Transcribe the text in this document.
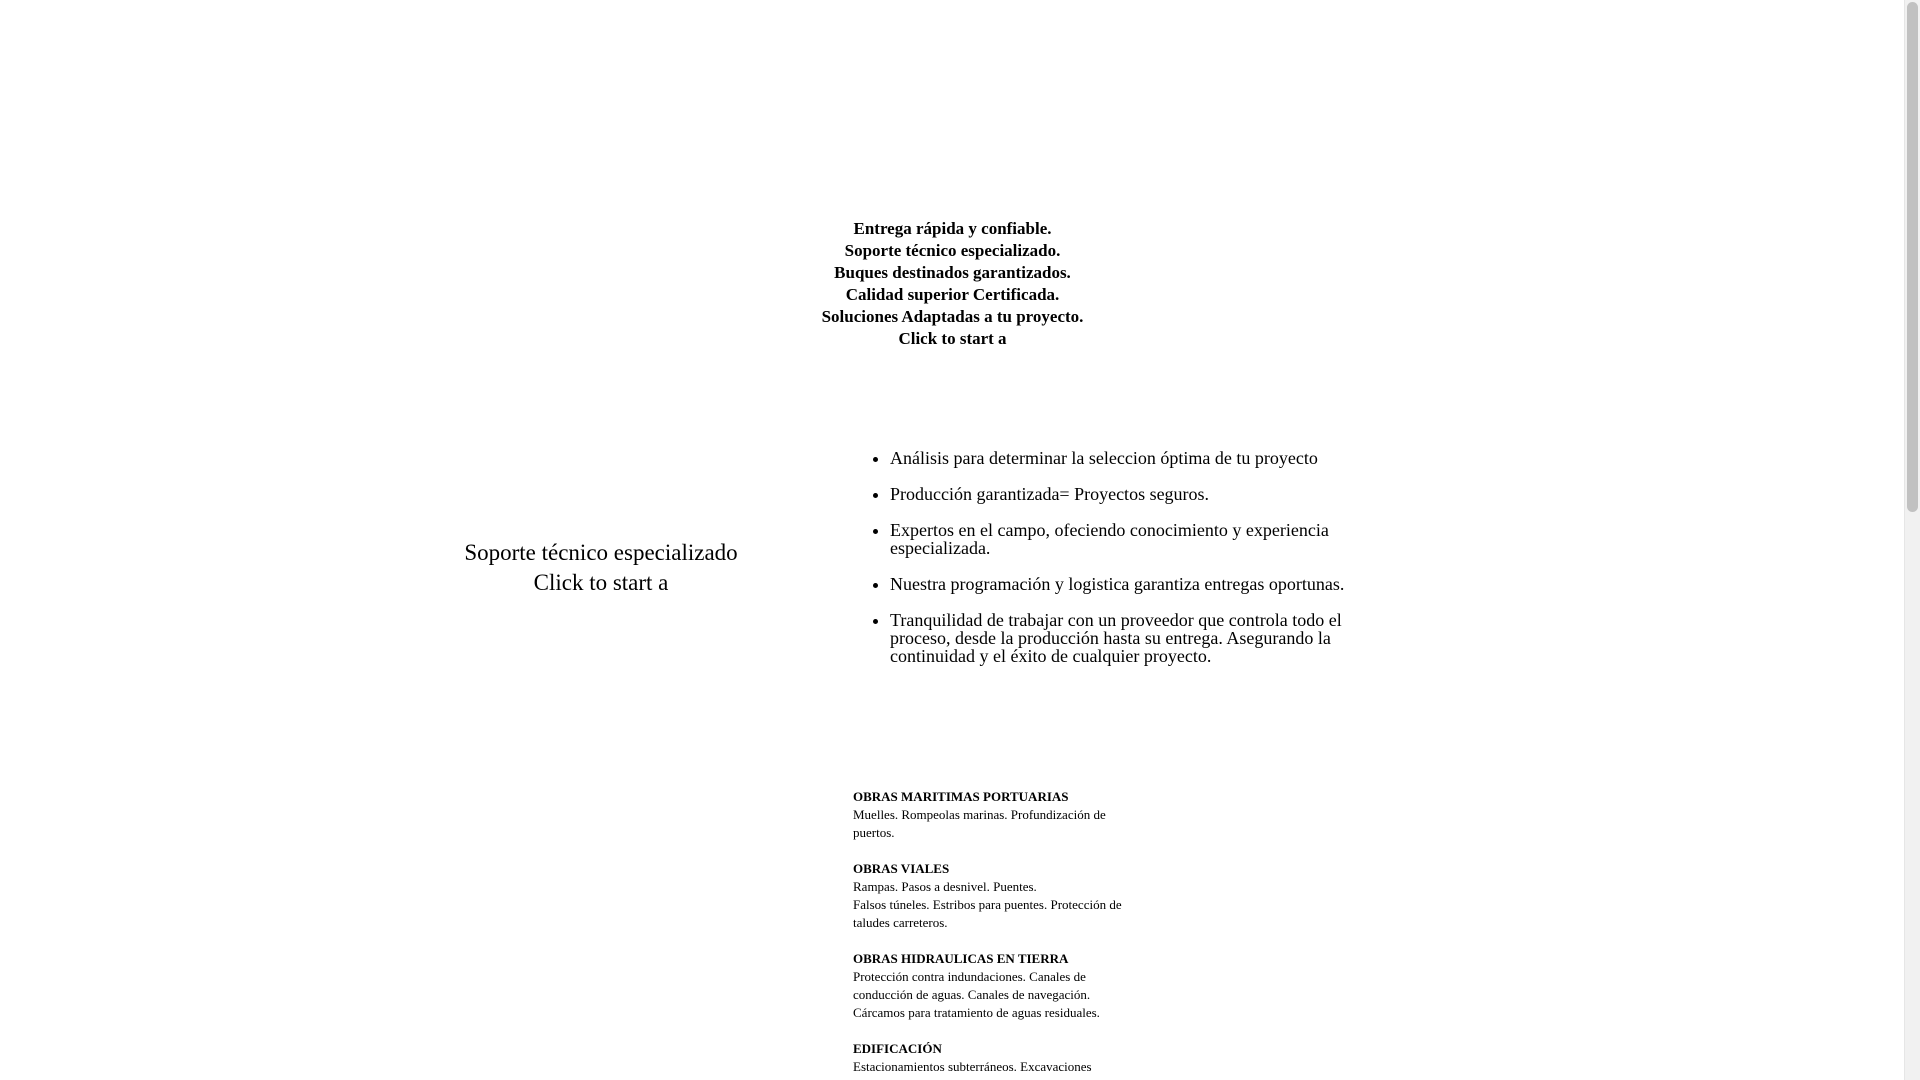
Entrega rápida y confiable.
Soporte técnico especializado.
Buques destinados garantizados.
Calidad superior Certificada.
Soluciones Adaptadas a tu proyecto.
Click to start a
Soporte técnico especializado Click to start a
• Análisis para determinar la seleccion óptima de tu proyecto
• Producción garantizada= Proyectos seguros.
• Expertos en el campo, ofeciendo conocimiento y experiencia especializada.
• Nuestra programación y logistica garantiza entregas oportunas.
• Tranquilidad de trabajar con un proveedor que controla todo el proceso, desde la producción hasta su entrega. Asegurando la continuidad y el éxito de cualquier proyecto.
OBRAS MARITIMAS PORTUARIAS
Muelles. Rompeolas marinas. Profundización de puertos.
OBRAS VIALES
Rampas. Pasos a desnivel. Puentes.
Falsos túneles. Estribos para puentes. Protección de taludes carreteros.
OBRAS HIDRAULICAS EN TIERRA
Protección contra indundaciones. Canales de conducción de aguas. Canales de navegación. Cárcamos para tratamiento de aguas residuales.
EDIFICACIÓN
Estacionamientos subterráneos. Excavaciones
